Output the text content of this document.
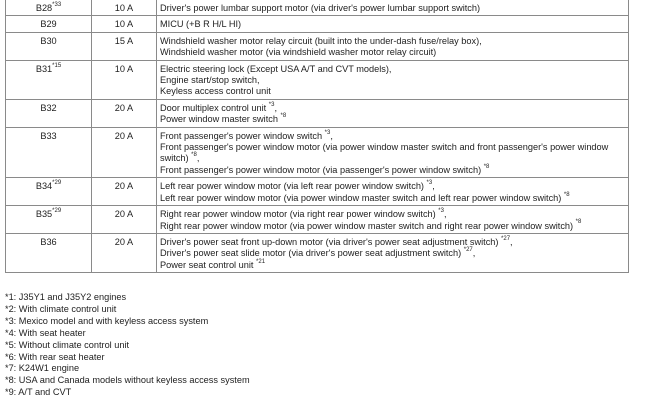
B28$^{*33}$	10 A	Driver's power lumbar support motor (via driver's power lumbar support switch)

B29	10 A	MICU (+B R H/L HI)

B30	15 A	Windshield washer motor relay circuit (built into the under-dash fuse/relay box),
Windshield washer motor (via windshield washer motor relay circuit)

B31$^{*15}$	10 A	Electric steering lock (Except USA A/T and CVT models),
Engine start/stop switch,
Keyless access control unit

B32	20 A	Door multiplex control unit $^{*3}$,
Power window master switch $^{*8}$

B33	20 A	Front passenger's power window switch $^{*3}$,
Front passenger's power window motor (via power window master switch and front passenger's power window switch) $^{*8}$,
Front passenger's power window motor (via passenger's power window switch) $^{*8}$

B34$^{*29}$	20 A	Left rear power window motor (via left rear power window switch) $^{*3}$,
Left rear power window motor (via power window master switch and left rear power window switch) $^{*8}$

B35$^{*29}$	20 A	Right rear power window motor (via right rear power window switch) $^{*3}$,
Right rear power window motor (via power window master switch and right rear power window switch) $^{*8}$

B36	20 A	Driver's power seat front up-down motor (via driver's power seat adjustment switch) $^{*27}$,
Driver's power seat slide motor (via driver's power seat adjustment switch) $^{*27}$,
Power seat control unit $^{*21}$
*1: J35Y1 and J35Y2 engines
*2: With climate control unit
*3: Mexico model and with keyless access system
*4: With seat heater
*5: Without climate control unit
*6: With rear seat heater
*7: K24W1 engine
*8: USA and Canada models without keyless access system
*9: A/T and CVT
